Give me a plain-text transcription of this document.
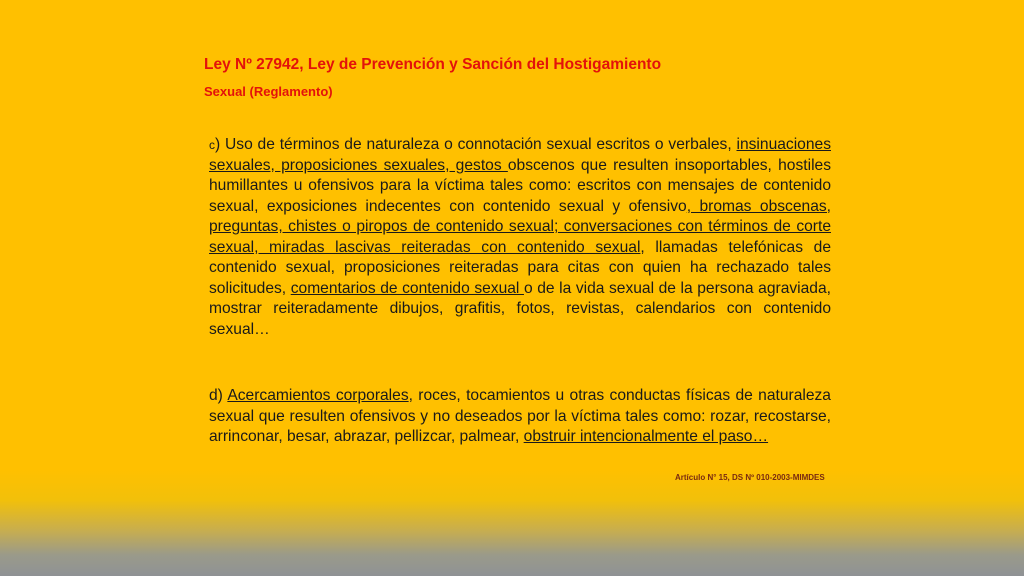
Ley Nº 27942, Ley de Prevención y Sanción del Hostigamiento
Sexual (Reglamento)
c) Uso de términos de naturaleza o connotación sexual escritos o verbales, insinuaciones sexuales, proposiciones sexuales, gestos obscenos que resulten insoportables, hostiles humillantes u ofensivos para la víctima tales como: escritos con mensajes de contenido sexual, exposiciones indecentes con contenido sexual y ofensivo, bromas obscenas, preguntas, chistes o piropos de contenido sexual; conversaciones con términos de corte sexual, miradas lascivas reiteradas con contenido sexual, llamadas telefónicas de contenido sexual, proposiciones reiteradas para citas con quien ha rechazado tales solicitudes, comentarios de contenido sexual o de la vida sexual de la persona agraviada, mostrar reiteradamente dibujos, grafitis, fotos, revistas, calendarios con contenido sexual…
d) Acercamientos corporales, roces, tocamientos u otras conductas físicas de naturaleza sexual que resulten ofensivos y no deseados por la víctima tales como: rozar, recostarse, arrinconar, besar, abrazar, pellizcar, palmear, obstruir intencionalmente el paso…
Artículo N° 15, DS Nº 010-2003-MIMDES
